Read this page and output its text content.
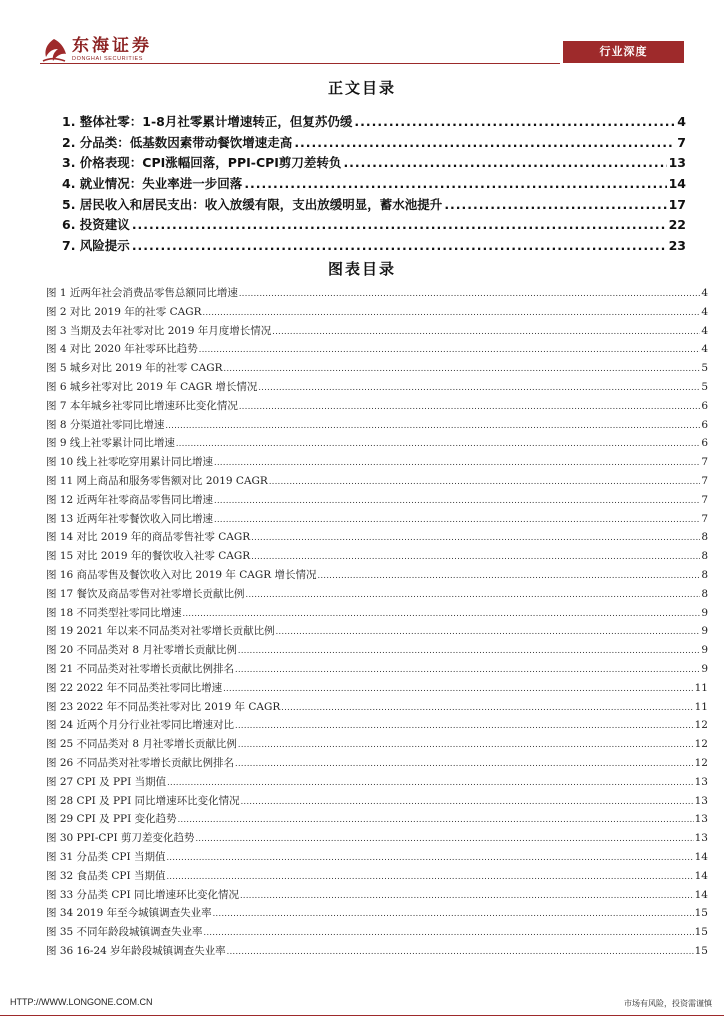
东海证券
DONGHAI SECURITIES
行业深度
正文目录
1. 整体社零：1-8月社零累计增速转正，但复苏仍缓 .....	4
2. 分品类：低基数因素带动餐饮增速走高 .....	7
3. 价格表现：CPI涨幅回落，PPI-CPI剪刀差转负 .....	13
4. 就业情况：失业率进一步回落 .....	14
5. 居民收入和居民支出：收入放缓有限，支出放缓明显，蓄水池提升 .....	17
6. 投资建议 .....	22
7. 风险提示 .....	23
图表目录
图 1 近两年社会消费品零售总额同比增速 .....	4
图 2 对比 2019 年的社零 CAGR .....	4
图 3 当期及去年社零对比 2019 年月度增长情况 .....	4
图 4 对比 2020 年社零环比趋势 .....	4
图 5 城乡对比 2019 年的社零 CAGR .....	5
图 6 城乡社零对比 2019 年 CAGR 增长情况 .....	5
图 7 本年城乡社零同比增速环比变化情况 .....	6
图 8 分渠道社零同比增速 .....	6
图 9 线上社零累计同比增速 .....	6
图 10 线上社零吃穿用累计同比增速 .....	7
图 11 网上商品和服务零售额对比 2019 CAGR .....	7
图 12 近两年社零商品零售同比增速 .....	7
图 13 近两年社零餐饮收入同比增速 .....	7
图 14 对比 2019 年的商品零售社零 CAGR .....	8
图 15 对比 2019 年的餐饮收入社零 CAGR .....	8
图 16 商品零售及餐饮收入对比 2019 年 CAGR 增长情况 .....	8
图 17 餐饮及商品零售对社零增长贡献比例 .....	8
图 18 不同类型社零同比增速 .....	9
图 19 2021 年以来不同品类对社零增长贡献比例 .....	9
图 20 不同品类对 8 月社零增长贡献比例 .....	9
图 21 不同品类对社零增长贡献比例排名 .....	9
图 22 2022 年不同品类社零同比增速 .....	11
图 23 2022 年不同品类社零对比 2019 年 CAGR .....	11
图 24 近两个月分行业社零同比增速对比 .....	12
图 25 不同品类对 8 月社零增长贡献比例 .....	12
图 26 不同品类对社零增长贡献比例排名 .....	12
图 27 CPI 及 PPI 当期值 .....	13
图 28 CPI 及 PPI 同比增速环比变化情况 .....	13
图 29 CPI 及 PPI 变化趋势 .....	13
图 30 PPI-CPI 剪刀差变化趋势 .....	13
图 31 分品类 CPI 当期值 .....	14
图 32 食品类 CPI 当期值 .....	14
图 33 分品类 CPI 同比增速环比变化情况 .....	14
图 34 2019 年至今城镇调查失业率 .....	15
图 35 不同年龄段城镇调查失业率 .....	15
图 36 16-24 岁年龄段城镇调查失业率 .....	15
HTTP://WWW.LONGONE.COM.CN	市场有风险，投资需谨慎
